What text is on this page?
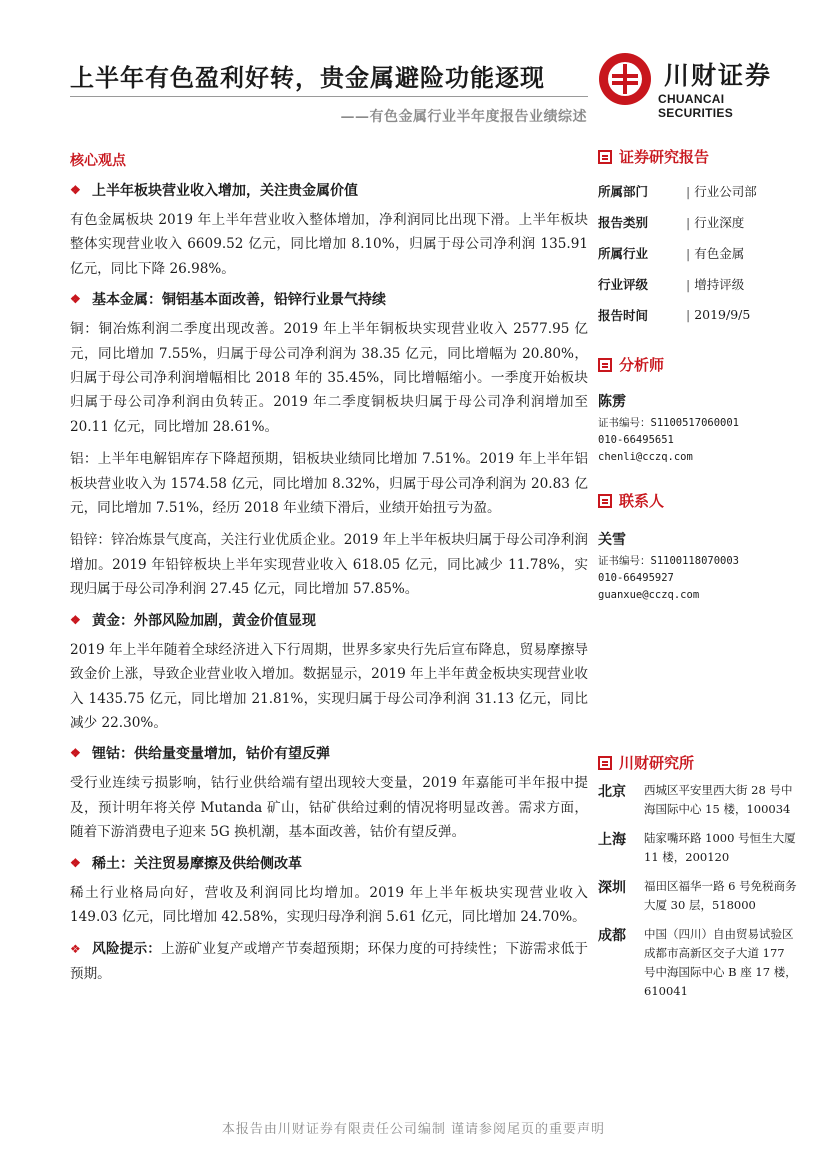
上半年有色盈利好转，贵金属避险功能逐现
——有色金属行业半年度报告业绩综述
川财证券
CHUANCAI SECURITIES
核心观点
❖ 上半年板块营业收入增加，关注贵金属价值

有色金属板块 2019 年上半年营业收入整体增加，净利润同比出现下滑。上半年板块整体实现营业收入 6609.52 亿元，同比增加 8.10%，归属于母公司净利润 135.91 亿元，同比下降 26.98%。

❖ 基本金属：铜铝基本面改善，铅锌行业景气持续

铜：铜冶炼利润二季度出现改善。2019 年上半年铜板块实现营业收入 2577.95 亿元，同比增加 7.55%，归属于母公司净利润为 38.35 亿元，同比增幅为 20.80%，归属于母公司净利润增幅相比 2018 年的 35.45%，同比增幅缩小。一季度开始板块归属于母公司净利润由负转正。2019 年二季度铜板块归属于母公司净利润增加至 20.11 亿元，同比增加 28.61%。

铝：上半年电解铝库存下降超预期，铝板块业绩同比增加 7.51%。2019 年上半年铝板块营业收入为 1574.58 亿元，同比增加 8.32%，归属于母公司净利润为 20.83 亿元，同比增加 7.51%，经历 2018 年业绩下滑后，业绩开始扭亏为盈。

铅锌：锌冶炼景气度高，关注行业优质企业。2019 年上半年板块归属于母公司净利润增加。2019 年铅锌板块上半年实现营业收入 618.05 亿元，同比减少 11.78%，实现归属于母公司净利润 27.45 亿元，同比增加 57.85%。

❖ 黄金：外部风险加剧，黄金价值显现

2019 年上半年随着全球经济进入下行周期，世界多家央行先后宣布降息，贸易摩擦导致金价上涨，导致企业营业收入增加。数据显示，2019 年上半年黄金板块实现营业收入 1435.75 亿元，同比增加 21.81%，实现归属于母公司净利润 31.13 亿元，同比减少 22.30%。

❖ 锂钴：供给量变量增加，钴价有望反弹

受行业连续亏损影响，钴行业供给端有望出现较大变量，2019 年嘉能可半年报中提及，预计明年将关停 Mutanda 矿山，钴矿供给过剩的情况将明显改善。需求方面，随着下游消费电子迎来 5G 换机潮，基本面改善，钴价有望反弹。

❖ 稀土：关注贸易摩擦及供给侧改革

稀土行业格局向好，营收及利润同比均增加。2019 年上半年板块实现营业收入 149.03 亿元，同比增加 42.58%，实现归母净利润 5.61 亿元，同比增加 24.70%。

❖ 风险提示：上游矿业复产或增产节奏超预期；环保力度的可持续性；下游需求低于预期。

证券研究报告
所属部门	| 行业公司部
报告类别	| 行业深度
所属行业	| 有色金属
行业评级	| 增持评级
报告时间	| 2019/9/5
分析师
陈雳
证书编号：S1100517060001
010-66495651
chenli@cczq.com
联系人
关雪
证书编号：S1100118070003
010-66495927
guanxue@cczq.com
川财研究所
北京	西城区平安里西大街 28 号中海国际中心 15 楼，100034
上海	陆家嘴环路 1000 号恒生大厦 11 楼，200120
深圳	福田区福华一路 6 号免税商务大厦 30 层，518000
成都	中国（四川）自由贸易试验区成都市高新区交子大道 177 号中海国际中心 B 座 17 楼，610041
本报告由川财证券有限责任公司编制 谨请参阅尾页的重要声明
